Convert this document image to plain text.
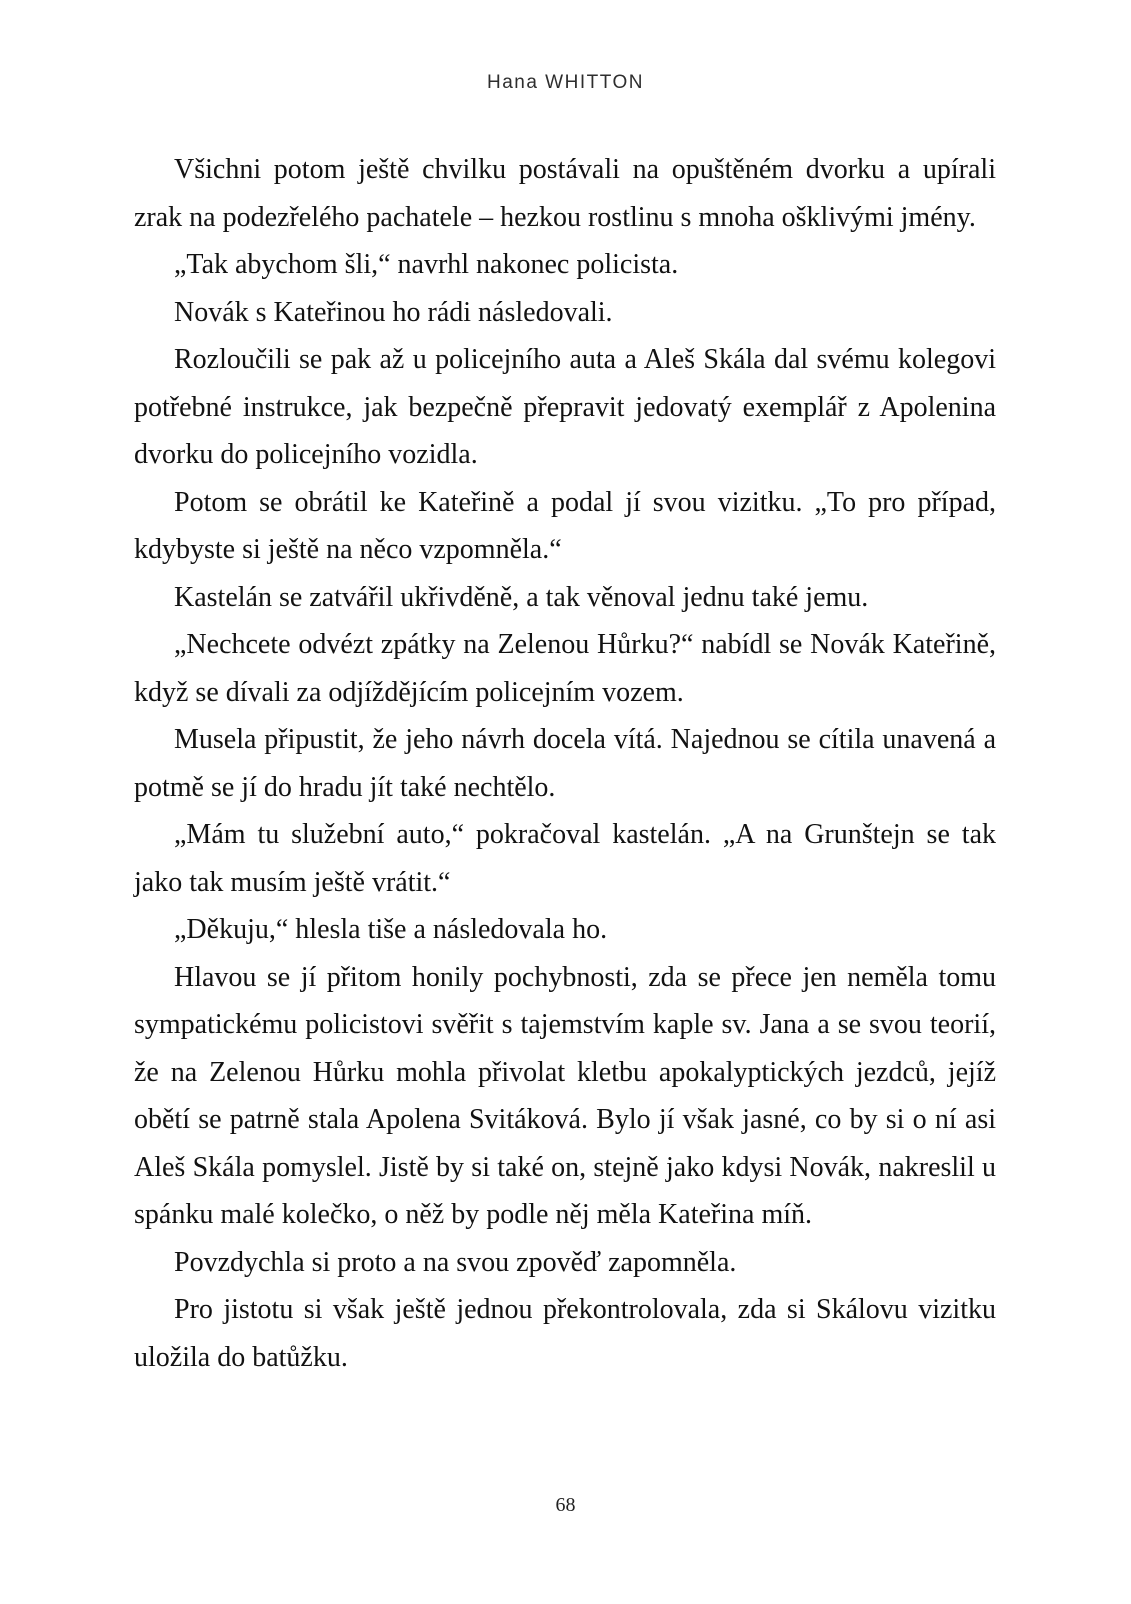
Hana WHITTON

Všichni potom ještě chvilku postávali na opuštěném dvorku a upírali zrak na podezřelého pachatele – hezkou rostlinu s mnoha ošklivými jmény.

„Tak abychom šli,“ navrhl nakonec policista.

Novák s Kateřinou ho rádi následovali.

Rozloučili se pak až u policejního auta a Aleš Skála dal svému kolegovi potřebné instrukce, jak bezpečně přepravit jedovatý exemplář z Apolenina dvorku do policejního vozidla.

Potom se obrátil ke Kateřině a podal jí svou vizitku. „To pro případ, kdybyste si ještě na něco vzpomněla.“

Kastelán se zatvářil ukřivděně, a tak věnoval jednu také jemu.

„Nechcete odvézt zpátky na Zelenou Hůrku?“ nabídl se Novák Kateřině, když se dívali za odjíždějícím policejním vozem.

Musela připustit, že jeho návrh docela vítá. Najednou se cítila unavená a potmě se jí do hradu jít také nechtělo.

„Mám tu služební auto,“ pokračoval kastelán. „A na Grunštejn se tak jako tak musím ještě vrátit.“

„Děkuju,“ hlesla tiše a následovala ho.

Hlavou se jí přitom honily pochybnosti, zda se přece jen neměla tomu sympatickému policistovi svěřit s tajemstvím kaple sv. Jana a se svou teorií, že na Zelenou Hůrku mohla přivolat kletbu apokalyptických jezdců, jejíž obětí se patrně stala Apolena Svitáková. Bylo jí však jasné, co by si o ní asi Aleš Skála pomyslel. Jistě by si také on, stejně jako kdysi Novák, nakreslil u spánku malé kolečko, o něž by podle něj měla Kateřina míň.

Povzdychla si proto a na svou zpověď zapomněla.

Pro jistotu si však ještě jednou překontrolovala, zda si Skálovu vizitku uložila do batůžku.

68
